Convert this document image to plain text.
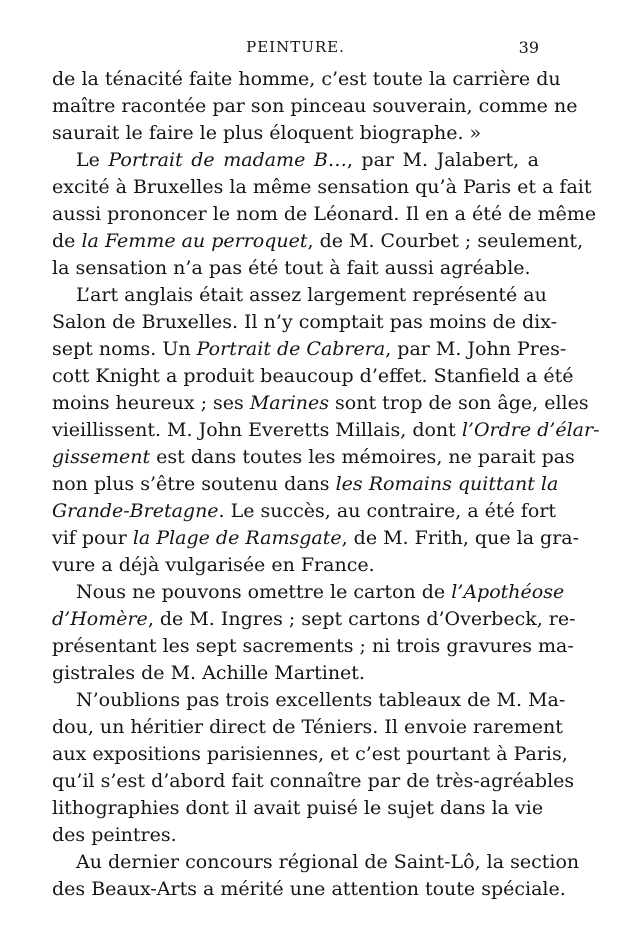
PEINTURE.	39
de la ténacité faite homme, c’est toute la carrière du
maître racontée par son pinceau souverain, comme ne
saurait le faire le plus éloquent biographe. »
Le Portrait de madame B…, par M. Jalabert, a
excité à Bruxelles la même sensation qu’à Paris et a fait
aussi prononcer le nom de Léonard. Il en a été de même
de la Femme au perroquet, de M. Courbet ; seulement,
la sensation n’a pas été tout à fait aussi agréable.
L’art anglais était assez largement représenté au
Salon de Bruxelles. Il n’y comptait pas moins de dix-
sept noms. Un Portrait de Cabrera, par M. John Pres-
cott Knight a produit beaucoup d’effet. Stanfield a été
moins heureux ; ses Marines sont trop de son âge, elles
vieillissent. M. John Everetts Millais, dont l’Ordre d’élar-
gissement est dans toutes les mémoires, ne parait pas
non plus s’être soutenu dans les Romains quittant la
Grande-Bretagne. Le succès, au contraire, a été fort
vif pour la Plage de Ramsgate, de M. Frith, que la gra-
vure a déjà vulgarisée en France.
Nous ne pouvons omettre le carton de l’Apothéose
d’Homère, de M. Ingres ; sept cartons d’Overbeck, re-
présentant les sept sacrements ; ni trois gravures ma-
gistrales de M. Achille Martinet.
N’oublions pas trois excellents tableaux de M. Ma-
dou, un héritier direct de Téniers. Il envoie rarement
aux expositions parisiennes, et c’est pourtant à Paris,
qu’il s’est d’abord fait connaître par de très-agréables
lithographies dont il avait puisé le sujet dans la vie
des peintres.
Au dernier concours régional de Saint-Lô, la section
des Beaux-Arts a mérité une attention toute spéciale.
